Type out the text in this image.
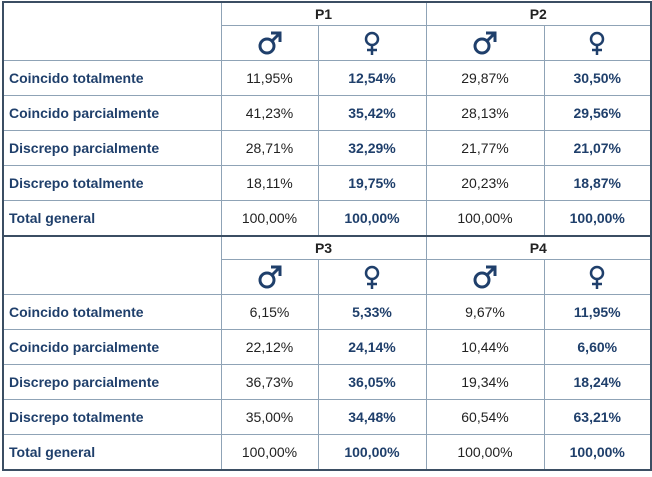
	P1		P2	

Coincido totalmente	11,95%	12,54%	29,87%	30,50%
Coincido parcialmente	41,23%	35,42%	28,13%	29,56%
Discrepo parcialmente	28,71%	32,29%	21,77%	21,07%
Discrepo totalmente	18,11%	19,75%	20,23%	18,87%
Total general	100,00%	100,00%	100,00%	100,00%
	P3		P4	

Coincido totalmente	6,15%	5,33%	9,67%	11,95%
Coincido parcialmente	22,12%	24,14%	10,44%	6,60%
Discrepo parcialmente	36,73%	36,05%	19,34%	18,24%
Discrepo totalmente	35,00%	34,48%	60,54%	63,21%
Total general	100,00%	100,00%	100,00%	100,00%
